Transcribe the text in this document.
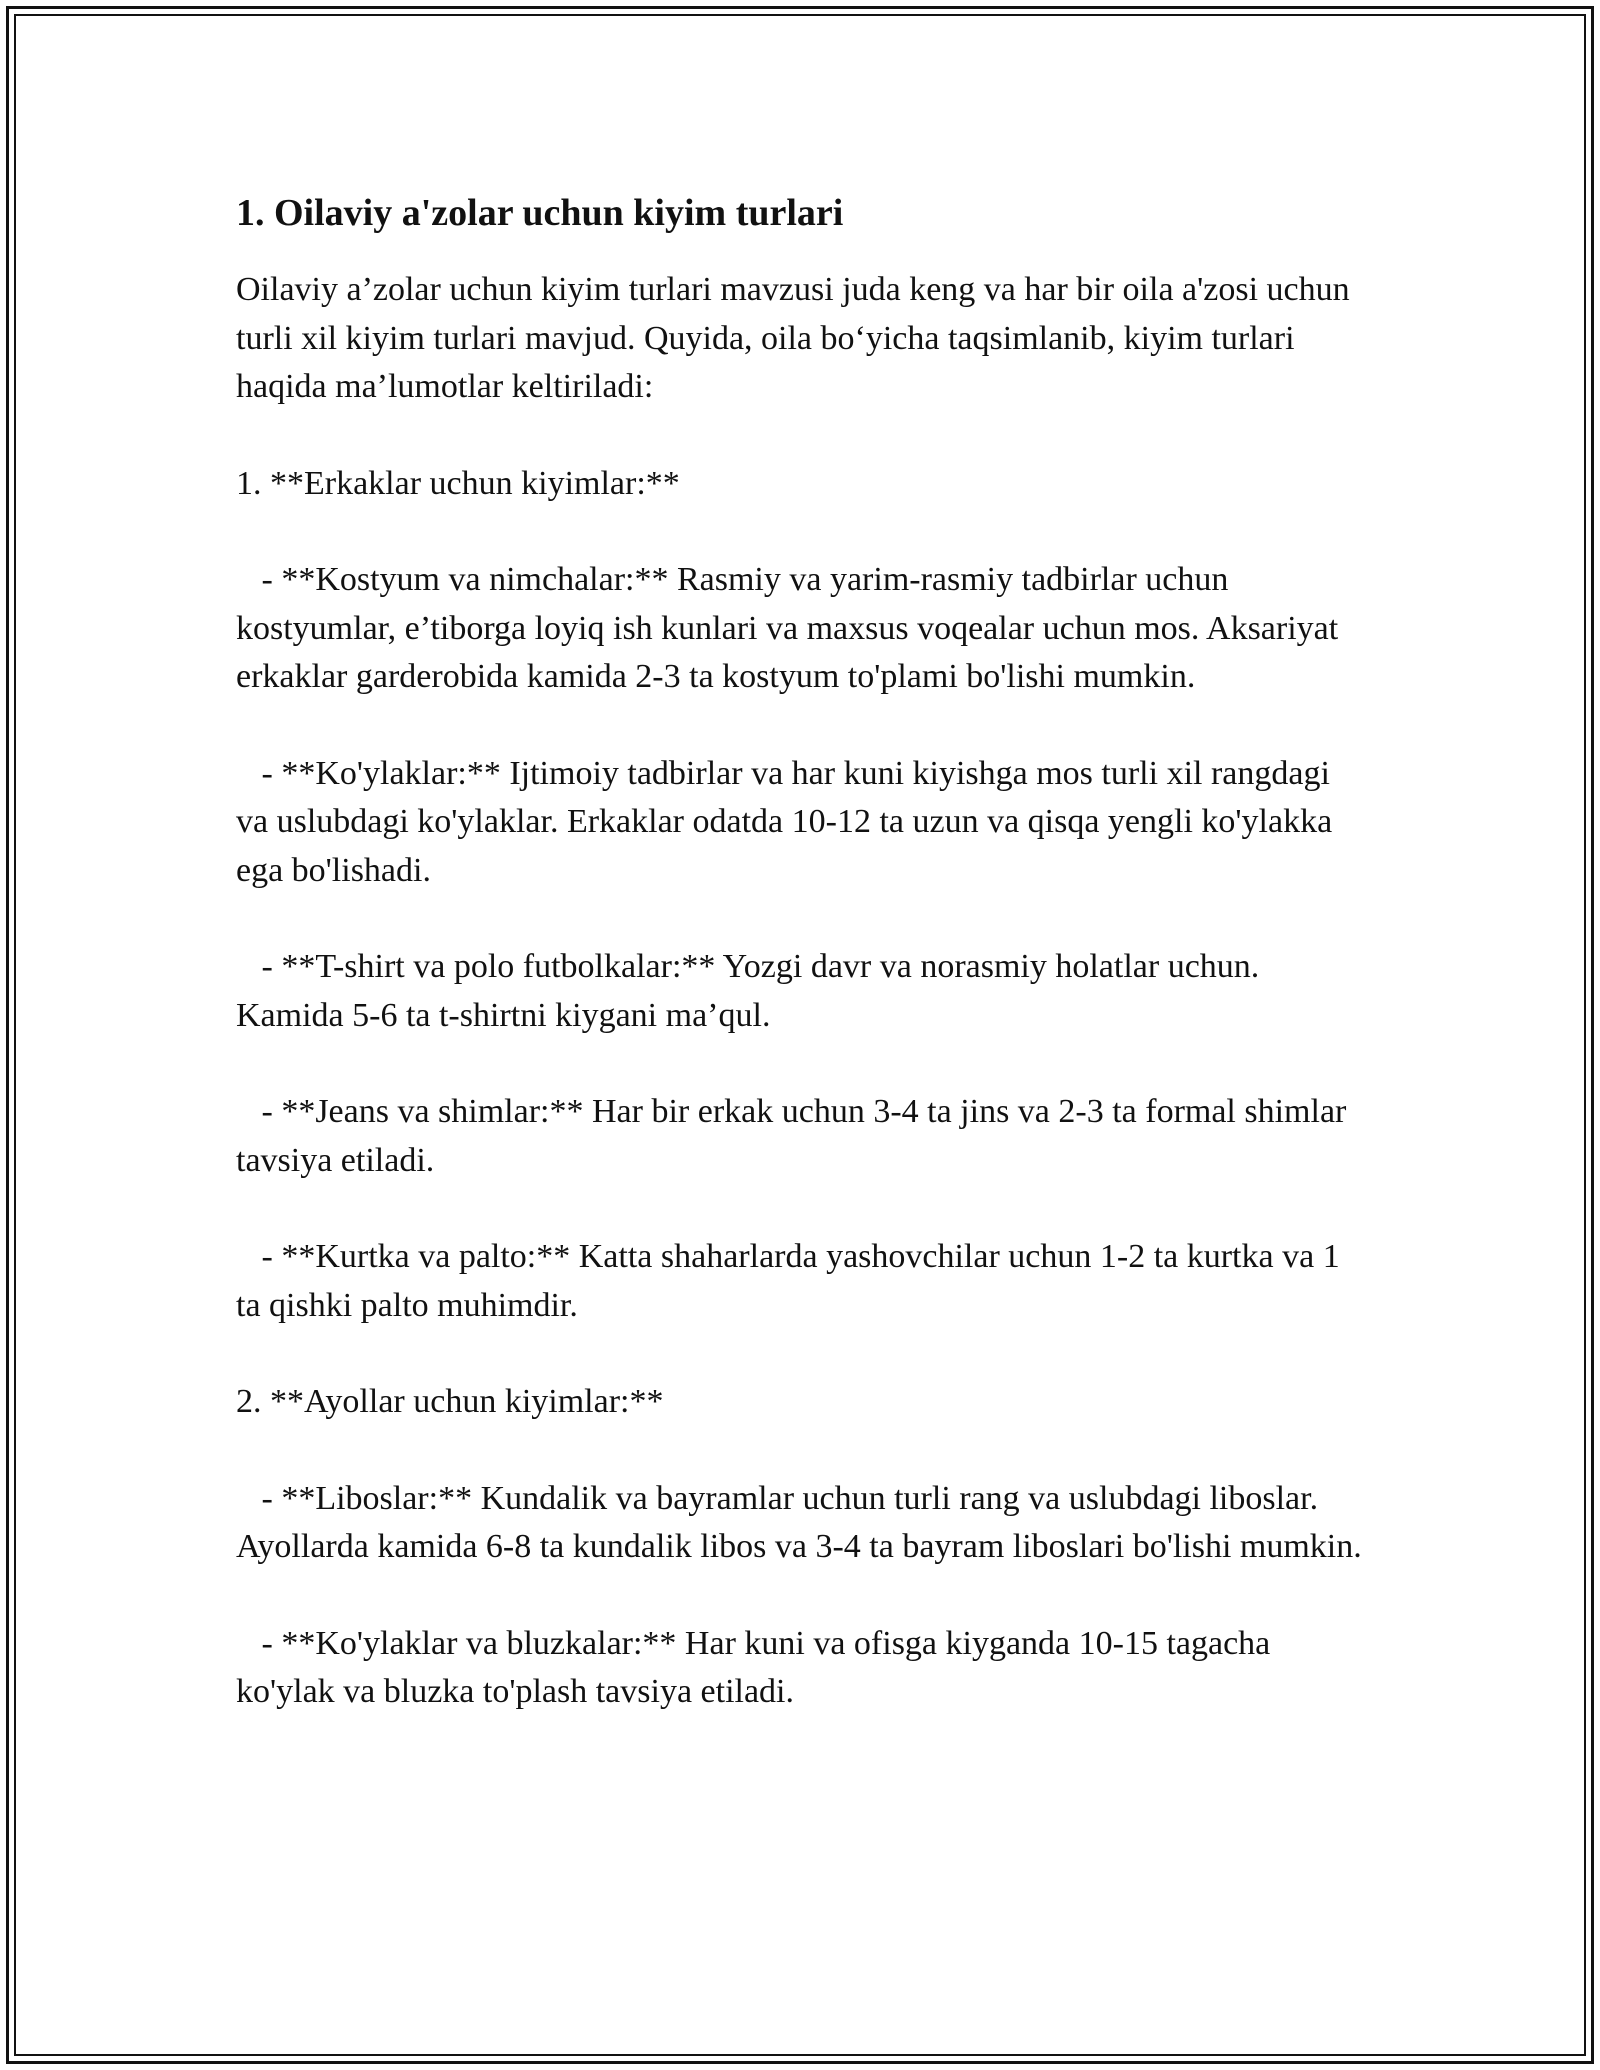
1. Oilaviy a'zolar uchun kiyim turlari

Oilaviy a’zolar uchun kiyim turlari mavzusi juda keng va har bir oila a'zosi uchun turli xil kiyim turlari mavjud. Quyida, oila bo‘yicha taqsimlanib, kiyim turlari haqida ma’lumotlar keltiriladi:

1. **Erkaklar uchun kiyimlar:**

- **Kostyum va nimchalar:** Rasmiy va yarim-rasmiy tadbirlar uchun kostyumlar, e’tiborga loyiq ish kunlari va maxsus voqealar uchun mos. Aksariyat erkaklar garderobida kamida 2-3 ta kostyum to'plami bo'lishi mumkin.

- **Ko'ylaklar:** Ijtimoiy tadbirlar va har kuni kiyishga mos turli xil rangdagi va uslubdagi ko'ylaklar. Erkaklar odatda 10-12 ta uzun va qisqa yengli ko'ylakka ega bo'lishadi.

- **T-shirt va polo futbolkalar:** Yozgi davr va norasmiy holatlar uchun. Kamida 5-6 ta t-shirtni kiygani ma’qul.

- **Jeans va shimlar:** Har bir erkak uchun 3-4 ta jins va 2-3 ta formal shimlar tavsiya etiladi.

- **Kurtka va palto:** Katta shaharlarda yashovchilar uchun 1-2 ta kurtka va 1 ta qishki palto muhimdir.

2. **Ayollar uchun kiyimlar:**

- **Liboslar:** Kundalik va bayramlar uchun turli rang va uslubdagi liboslar. Ayollarda kamida 6-8 ta kundalik libos va 3-4 ta bayram liboslari bo'lishi mumkin.

- **Ko'ylaklar va bluzkalar:** Har kuni va ofisga kiyganda 10-15 tagacha ko'ylak va bluzka to'plash tavsiya etiladi.
